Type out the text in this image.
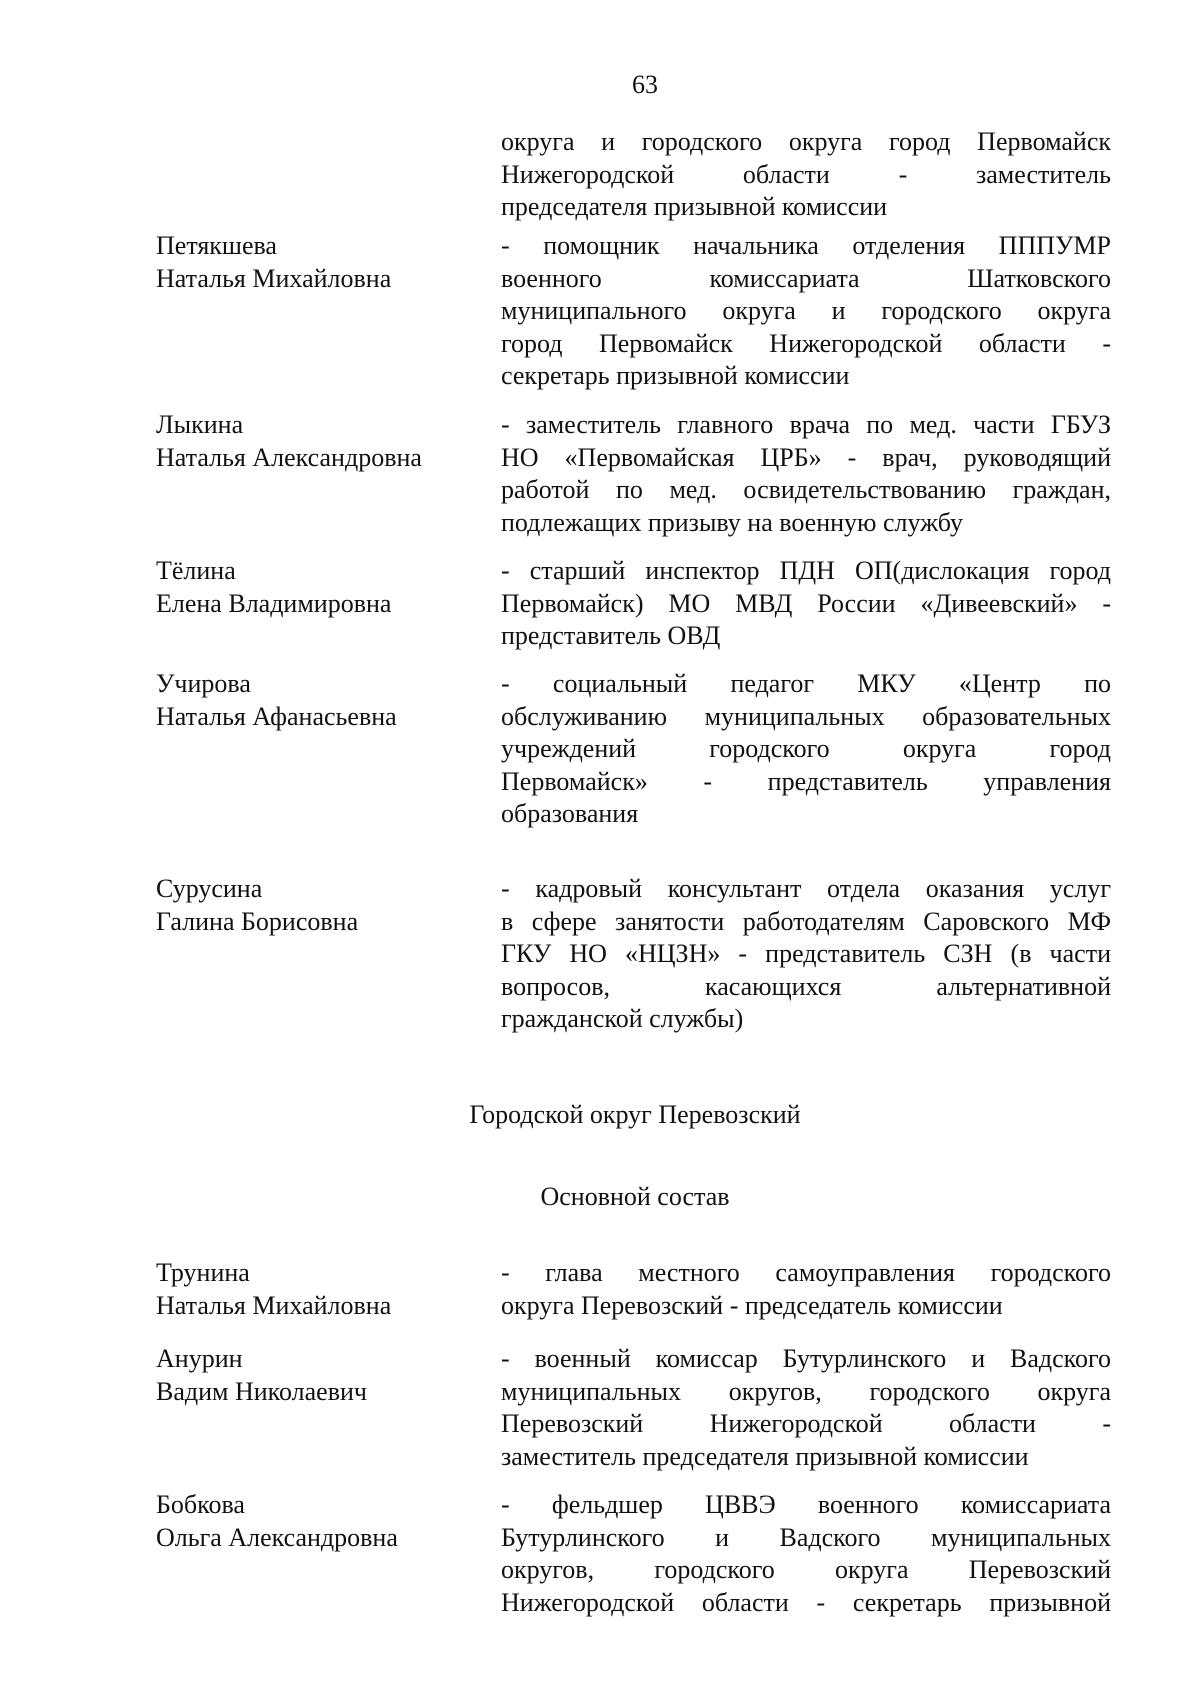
63
округа и городского округа город Первомайск
Нижегородской области - заместитель
председателя призывной комиссии
Петякшева
Наталья Михайловна
- помощник начальника отделения ПППУМР
военного комиссариата Шатковского
муниципального округа и городского округа
город Первомайск Нижегородской области -
секретарь призывной комиссии
Лыкина
Наталья Александровна
- заместитель главного врача по мед. части ГБУЗ
НО «Первомайская ЦРБ» - врач, руководящий
работой по мед. освидетельствованию граждан,
подлежащих призыву на военную службу
Тёлина
Елена Владимировна
- старший инспектор ПДН ОП(дислокация город
Первомайск) МО МВД России «Дивеевский» -
представитель ОВД
Учирова
Наталья Афанасьевна
- социальный педагог МКУ «Центр по
обслуживанию муниципальных образовательных
учреждений городского округа город
Первомайск» - представитель управления
образования
Сурусина
Галина Борисовна
- кадровый консультант отдела оказания услуг
в сфере занятости работодателям Саровского МФ
ГКУ НО «НЦЗН» - представитель СЗН (в части
вопросов, касающихся альтернативной
гражданской службы)
Городской округ Перевозский
Основной состав
Трунина
Наталья Михайловна
- глава местного самоуправления городского
округа Перевозский - председатель комиссии
Анурин
Вадим Николаевич
- военный комиссар Бутурлинского и Вадского
муниципальных округов, городского округа
Перевозский Нижегородской области -
заместитель председателя призывной комиссии
Бобкова
Ольга Александровна
- фельдшер ЦВВЭ военного комиссариата
Бутурлинского и Вадского муниципальных
округов, городского округа Перевозский
Нижегородской области - секретарь призывной
